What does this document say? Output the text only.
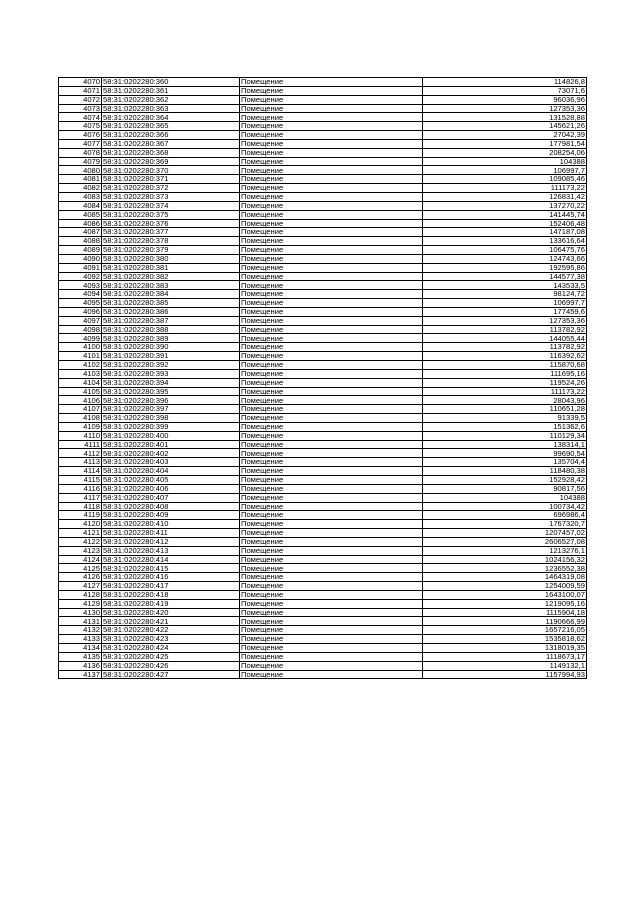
4070	58:31:0202280:360	Помещение	114826,8
4071	58:31:0202280:361	Помещение	73071,6
4072	58:31:0202280:362	Помещение	96036,96
4073	58:31:0202280:363	Помещение	127353,36
4074	58:31:0202280:364	Помещение	131528,88
4075	58:31:0202280:365	Помещение	145621,26
4076	58:31:0202280:366	Помещение	27042,39
4077	58:31:0202280:367	Помещение	177981,54
4078	58:31:0202280:368	Помещение	208254,06
4079	58:31:0202280:369	Помещение	104388
4080	58:31:0202280:370	Помещение	106997,7
4081	58:31:0202280:371	Помещение	109085,46
4082	58:31:0202280:372	Помещение	111173,22
4083	58:31:0202280:373	Помещение	126831,42
4084	58:31:0202280:374	Помещение	137270,22
4085	58:31:0202280:375	Помещение	141445,74
4086	58:31:0202280:376	Помещение	152406,48
4087	58:31:0202280:377	Помещение	147187,08
4088	58:31:0202280:378	Помещение	133616,64
4089	58:31:0202280:379	Помещение	106475,76
4090	58:31:0202280:380	Помещение	124743,66
4091	58:31:0202280:381	Помещение	192595,86
4092	58:31:0202280:382	Помещение	144577,38
4093	58:31:0202280:383	Помещение	143533,5
4094	58:31:0202280:384	Помещение	98124,72
4095	58:31:0202280:385	Помещение	106997,7
4096	58:31:0202280:386	Помещение	177459,6
4097	58:31:0202280:387	Помещение	127353,36
4098	58:31:0202280:388	Помещение	113782,92
4099	58:31:0202280:389	Помещение	144055,44
4100	58:31:0202280:390	Помещение	113782,92
4101	58:31:0202280:391	Помещение	116392,62
4102	58:31:0202280:392	Помещение	115870,68
4103	58:31:0202280:393	Помещение	111695,16
4104	58:31:0202280:394	Помещение	119524,26
4105	58:31:0202280:395	Помещение	111173,22
4106	58:31:0202280:396	Помещение	28043,96
4107	58:31:0202280:397	Помещение	110651,28
4108	58:31:0202280:398	Помещение	91339,5
4109	58:31:0202280:399	Помещение	151362,6
4110	58:31:0202280:400	Помещение	110129,34
4111	58:31:0202280:401	Помещение	138314,1
4112	58:31:0202280:402	Помещение	99690,54
4113	58:31:0202280:403	Помещение	135704,4
4114	58:31:0202280:404	Помещение	118480,38
4115	58:31:0202280:405	Помещение	152928,42
4116	58:31:0202280:406	Помещение	90817,56
4117	58:31:0202280:407	Помещение	104388
4118	58:31:0202280:408	Помещение	100734,42
4119	58:31:0202280:409	Помещение	696986,4
4120	58:31:0202280:410	Помещение	1767320,7
4121	58:31:0202280:411	Помещение	1207457,02
4122	58:31:0202280:412	Помещение	2606527,08
4123	58:31:0202280:413	Помещение	1213276,1
4124	58:31:0202280:414	Помещение	1024156,32
4125	58:31:0202280:415	Помещение	1236552,38
4126	58:31:0202280:416	Помещение	1464319,08
4127	58:31:0202280:417	Помещение	1254009,59
4128	58:31:0202280:418	Помещение	1643100,07
4129	58:31:0202280:419	Помещение	1219095,16
4130	58:31:0202280:420	Помещение	1115904,18
4131	58:31:0202280:421	Помещение	1190666,99
4132	58:31:0202280:422	Помещение	1657216,05
4133	58:31:0202280:423	Помещение	1535818,62
4134	58:31:0202280:424	Помещение	1318019,35
4135	58:31:0202280:425	Помещение	1118673,17
4136	58:31:0202280:426	Помещение	1149132,1
4137	58:31:0202280:427	Помещение	1157994,93
